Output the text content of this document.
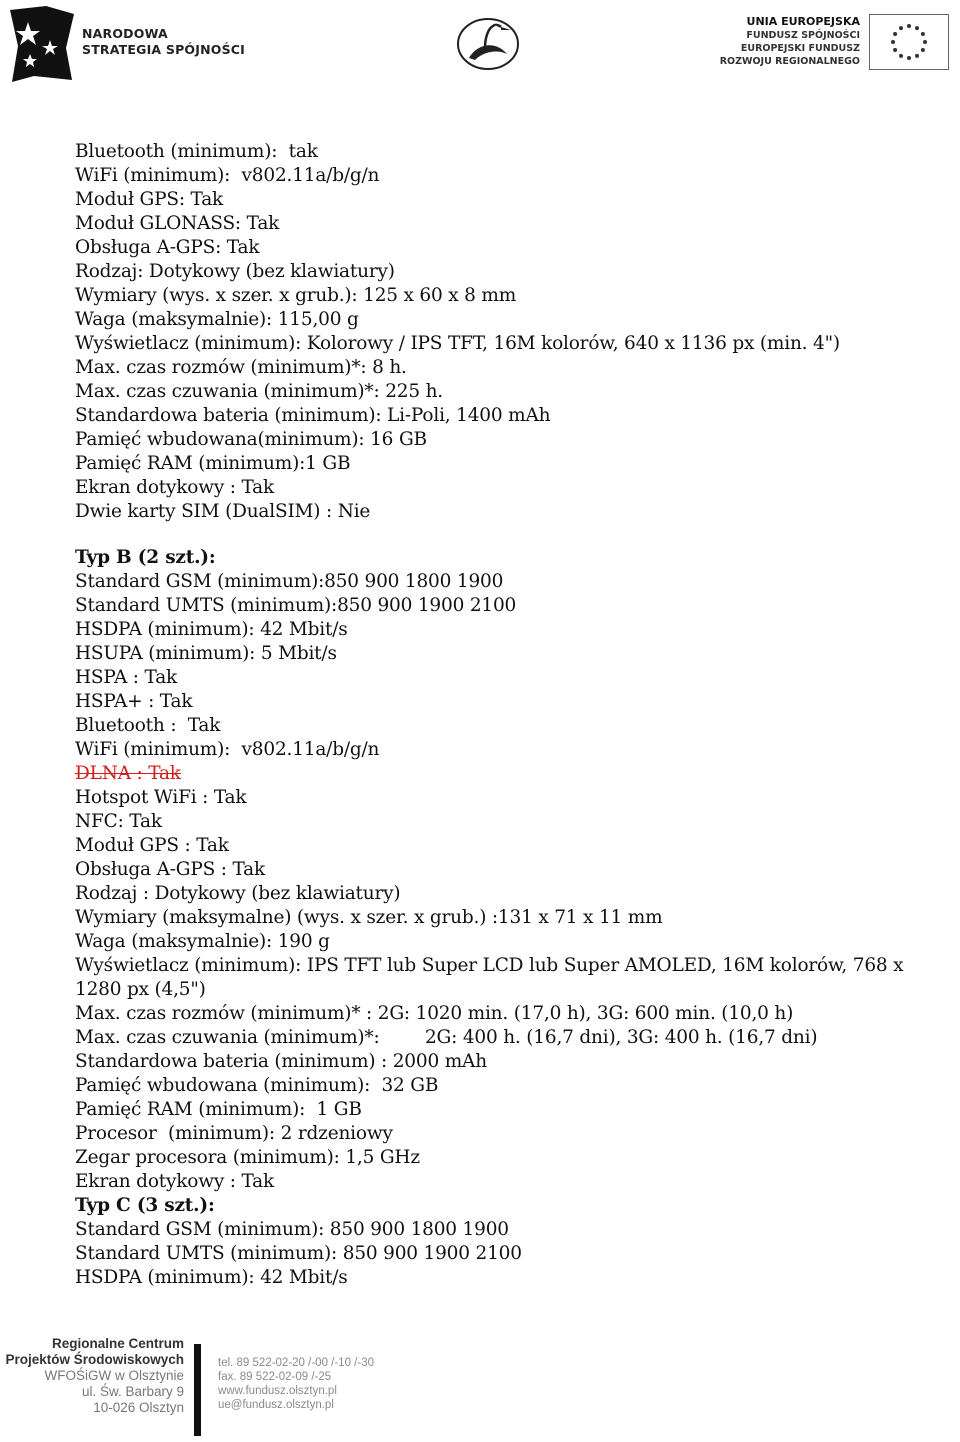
NARODOWA
STRATEGIA SPÓJNOŚCI
UNIA EUROPEJSKA
FUNDUSZ SPÓJNOŚCI
EUROPEJSKI FUNDUSZ
ROZWOJU REGIONALNEGO
Bluetooth (minimum):  tak
WiFi (minimum):  v802.11a/b/g/n
Moduł GPS: Tak
Moduł GLONASS: Tak
Obsługa A-GPS: Tak
Rodzaj: Dotykowy (bez klawiatury)
Wymiary (wys. x szer. x grub.): 125 x 60 x 8 mm
Waga (maksymalnie): 115,00 g
Wyświetlacz (minimum): Kolorowy / IPS TFT, 16M kolorów, 640 x 1136 px (min. 4")
Max. czas rozmów (minimum)*: 8 h.
Max. czas czuwania (minimum)*: 225 h.
Standardowa bateria (minimum): Li-Poli, 1400 mAh
Pamięć wbudowana(minimum): 16 GB
Pamięć RAM (minimum):1 GB
Ekran dotykowy : Tak
Dwie karty SIM (DualSIM) : Nie
Typ B (2 szt.):
Standard GSM (minimum):850 900 1800 1900
Standard UMTS (minimum):850 900 1900 2100
HSDPA (minimum): 42 Mbit/s
HSUPA (minimum): 5 Mbit/s
HSPA : Tak
HSPA+ : Tak
Bluetooth :  Tak
WiFi (minimum):  v802.11a/b/g/n
DLNA : Tak
Hotspot WiFi : Tak
NFC: Tak
Moduł GPS : Tak
Obsługa A-GPS : Tak
Rodzaj : Dotykowy (bez klawiatury)
Wymiary (maksymalne) (wys. x szer. x grub.) :131 x 71 x 11 mm
Waga (maksymalnie): 190 g
Wyświetlacz (minimum): IPS TFT lub Super LCD lub Super AMOLED, 16M kolorów, 768 x
1280 px (4,5")
Max. czas rozmów (minimum)* : 2G: 1020 min. (17,0 h), 3G: 600 min. (10,0 h)
Max. czas czuwania (minimum)*:        2G: 400 h. (16,7 dni), 3G: 400 h. (16,7 dni)
Standardowa bateria (minimum) : 2000 mAh
Pamięć wbudowana (minimum):  32 GB
Pamięć RAM (minimum):  1 GB
Procesor  (minimum): 2 rdzeniowy
Zegar procesora (minimum): 1,5 GHz
Ekran dotykowy : Tak
Typ C (3 szt.):
Standard GSM (minimum): 850 900 1800 1900
Standard UMTS (minimum): 850 900 1900 2100
HSDPA (minimum): 42 Mbit/s
Regionalne Centrum
Projektów Środowiskowych
WFOŚiGW w Olsztynie
ul. Św. Barbary 9
10-026 Olsztyn
tel. 89 522-02-20 /-00 /-10 /-30
fax. 89 522-02-09 /-25
www.fundusz.olsztyn.pl
ue@fundusz.olsztyn.pl
